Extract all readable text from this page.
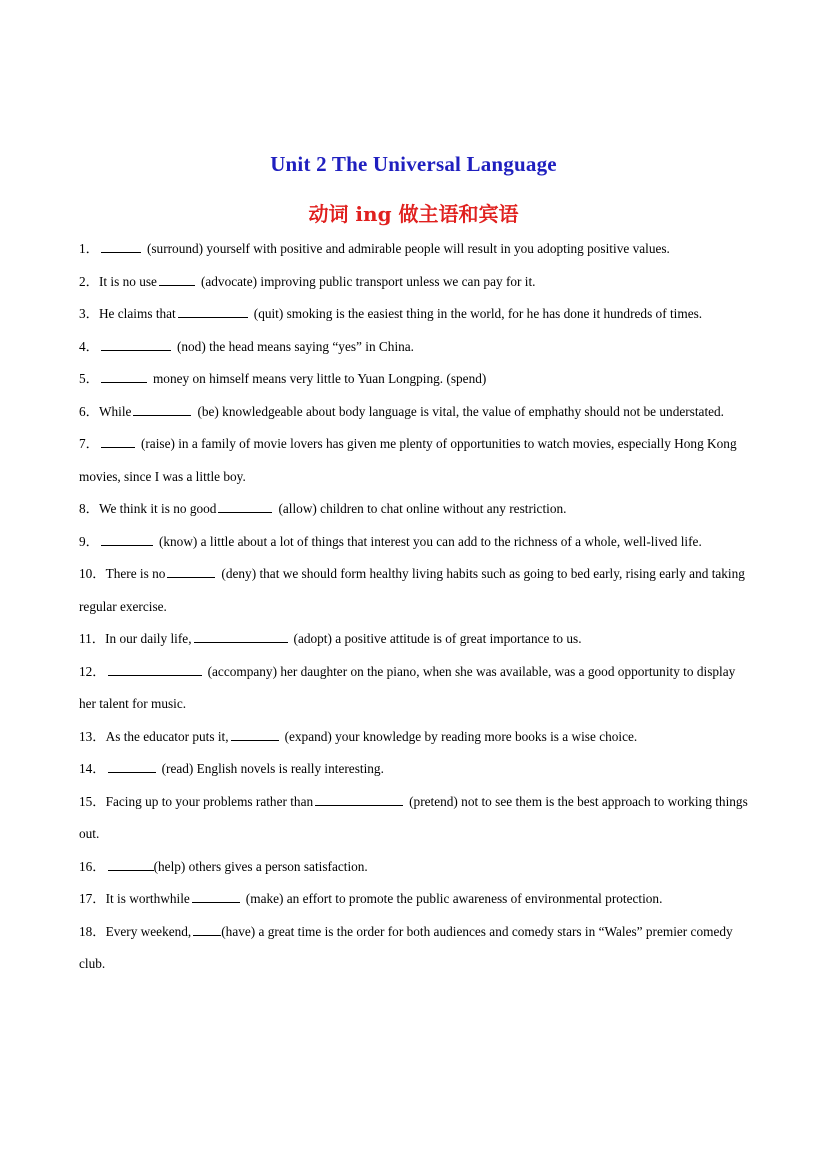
Unit 2 The Universal Language
动词 ing 做主语和宾语

1．	(surround) yourself with positive and admirable people will result in you adopting positive values.

2．It is no use	(advocate) improving public transport unless we can pay for it.

3．He claims that	(quit) smoking is the easiest thing in the world, for he has done it hundreds of times.

4．	(nod) the head means saying “yes” in China.

5．	money on himself means very little to Yuan Longping. (spend)

6．While	(be) knowledgeable about body language is vital, the value of emphathy should not be understated.

7．	(raise) in a family of movie lovers has given me plenty of opportunities to watch movies, especially Hong Kong movies, since I was a little boy.

8．We think it is no good	(allow) children to chat online without any restriction.

9．	(know) a little about a lot of things that interest you can add to the richness of a whole, well-lived life.

10．There is no	(deny) that we should form healthy living habits such as going to bed early, rising early and taking regular exercise.

11．In our daily life,	(adopt) a positive attitude is of great importance to us.

12．	(accompany) her daughter on the piano, when she was available, was a good opportunity to display her talent for music.

13．As the educator puts it,	(expand) your knowledge by reading more books is a wise choice.

14．	(read) English novels is really interesting.

15．Facing up to your problems rather than	(pretend) not to see them is the best approach to working things out.

16．	(help) others gives a person satisfaction.

17．It is worthwhile	(make) an effort to promote the public awareness of environmental protection.

18．Every weekend, (have) a great time is the order for both audiences and comedy stars in “Wales” premier comedy club.
